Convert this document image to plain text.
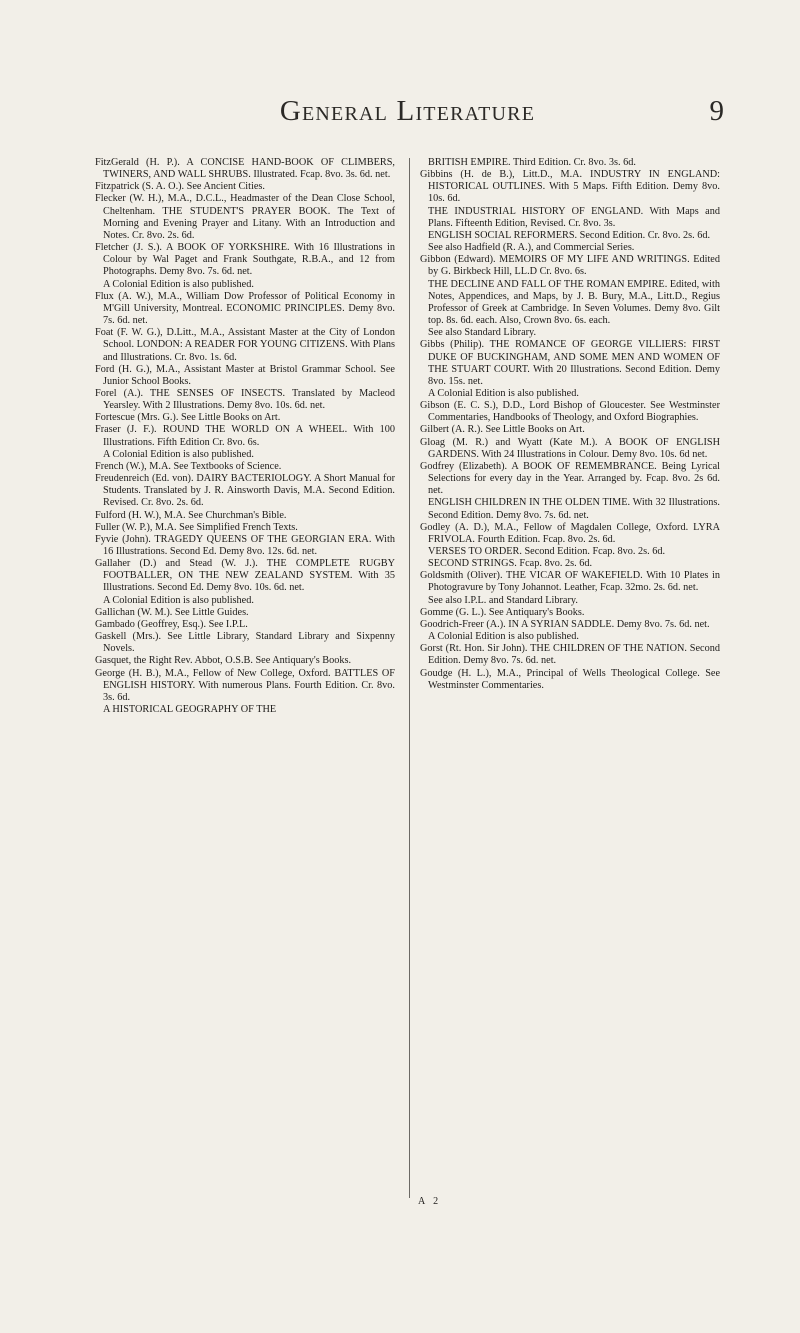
General Literature	9

FitzGerald (H. P.). A CONCISE HAND-BOOK OF CLIMBERS, TWINERS, AND WALL SHRUBS. Illustrated. Fcap. 8vo. 3s. 6d. net.

Fitzpatrick (S. A. O.). See Ancient Cities.

Flecker (W. H.), M.A., D.C.L., Headmaster of the Dean Close School, Cheltenham. THE STUDENT'S PRAYER BOOK. The Text of Morning and Evening Prayer and Litany. With an Introduction and Notes. Cr. 8vo. 2s. 6d.

Fletcher (J. S.). A BOOK OF YORKSHIRE. With 16 Illustrations in Colour by Wal Paget and Frank Southgate, R.B.A., and 12 from Photographs. Demy 8vo. 7s. 6d. net.

A Colonial Edition is also published.

Flux (A. W.), M.A., William Dow Professor of Political Economy in M'Gill University, Montreal. ECONOMIC PRINCIPLES. Demy 8vo. 7s. 6d. net.

Foat (F. W. G.), D.Litt., M.A., Assistant Master at the City of London School. LONDON: A READER FOR YOUNG CITIZENS. With Plans and Illustrations. Cr. 8vo. 1s. 6d.

Ford (H. G.), M.A., Assistant Master at Bristol Grammar School. See Junior School Books.

Forel (A.). THE SENSES OF INSECTS. Translated by Macleod Yearsley. With 2 Illustrations. Demy 8vo. 10s. 6d. net.

Fortescue (Mrs. G.). See Little Books on Art.

Fraser (J. F.). ROUND THE WORLD ON A WHEEL. With 100 Illustrations. Fifth Edition Cr. 8vo. 6s.

A Colonial Edition is also published.

French (W.), M.A. See Textbooks of Science.

Freudenreich (Ed. von). DAIRY BACTERIOLOGY. A Short Manual for Students. Translated by J. R. Ainsworth Davis, M.A. Second Edition. Revised. Cr. 8vo. 2s. 6d.

Fulford (H. W.), M.A. See Churchman's Bible.

Fuller (W. P.), M.A. See Simplified French Texts.

Fyvie (John). TRAGEDY QUEENS OF THE GEORGIAN ERA. With 16 Illustrations. Second Ed. Demy 8vo. 12s. 6d. net.

Gallaher (D.) and Stead (W. J.). THE COMPLETE RUGBY FOOTBALLER, ON THE NEW ZEALAND SYSTEM. With 35 Illustrations. Second Ed. Demy 8vo. 10s. 6d. net.

A Colonial Edition is also published.

Gallichan (W. M.). See Little Guides.

Gambado (Geoffrey, Esq.). See I.P.L.

Gaskell (Mrs.). See Little Library, Standard Library and Sixpenny Novels.

Gasquet, the Right Rev. Abbot, O.S.B. See Antiquary's Books.

George (H. B.), M.A., Fellow of New College, Oxford. BATTLES OF ENGLISH HISTORY. With numerous Plans. Fourth Edition. Cr. 8vo. 3s. 6d.

A HISTORICAL GEOGRAPHY OF THE

BRITISH EMPIRE. Third Edition. Cr. 8vo. 3s. 6d.

Gibbins (H. de B.), Litt.D., M.A. INDUSTRY IN ENGLAND: HISTORICAL OUTLINES. With 5 Maps. Fifth Edition. Demy 8vo. 10s. 6d.

THE INDUSTRIAL HISTORY OF ENGLAND. With Maps and Plans. Fifteenth Edition, Revised. Cr. 8vo. 3s.

ENGLISH SOCIAL REFORMERS. Second Edition. Cr. 8vo. 2s. 6d.

See also Hadfield (R. A.), and Commercial Series.

Gibbon (Edward). MEMOIRS OF MY LIFE AND WRITINGS. Edited by G. Birkbeck Hill, LL.D Cr. 8vo. 6s.

THE DECLINE AND FALL OF THE ROMAN EMPIRE. Edited, with Notes, Appendices, and Maps, by J. B. Bury, M.A., Litt.D., Regius Professor of Greek at Cambridge. In Seven Volumes. Demy 8vo. Gilt top. 8s. 6d. each. Also, Crown 8vo. 6s. each.

See also Standard Library.

Gibbs (Philip). THE ROMANCE OF GEORGE VILLIERS: FIRST DUKE OF BUCKINGHAM, AND SOME MEN AND WOMEN OF THE STUART COURT. With 20 Illustrations. Second Edition. Demy 8vo. 15s. net.

A Colonial Edition is also published.

Gibson (E. C. S.), D.D., Lord Bishop of Gloucester. See Westminster Commentaries, Handbooks of Theology, and Oxford Biographies.

Gilbert (A. R.). See Little Books on Art.

Gloag (M. R.) and Wyatt (Kate M.). A BOOK OF ENGLISH GARDENS. With 24 Illustrations in Colour. Demy 8vo. 10s. 6d net.

Godfrey (Elizabeth). A BOOK OF REMEMBRANCE. Being Lyrical Selections for every day in the Year. Arranged by. Fcap. 8vo. 2s 6d. net.

ENGLISH CHILDREN IN THE OLDEN TIME. With 32 Illustrations. Second Edition. Demy 8vo. 7s. 6d. net.

Godley (A. D.), M.A., Fellow of Magdalen College, Oxford. LYRA FRIVOLA. Fourth Edition. Fcap. 8vo. 2s. 6d.

VERSES TO ORDER. Second Edition. Fcap. 8vo. 2s. 6d.

SECOND STRINGS. Fcap. 8vo. 2s. 6d.

Goldsmith (Oliver). THE VICAR OF WAKEFIELD. With 10 Plates in Photogravure by Tony Johannot. Leather, Fcap. 32mo. 2s. 6d. net.

See also I.P.L. and Standard Library.

Gomme (G. L.). See Antiquary's Books.

Goodrich-Freer (A.). IN A SYRIAN SADDLE. Demy 8vo. 7s. 6d. net.

A Colonial Edition is also published.

Gorst (Rt. Hon. Sir John). THE CHILDREN OF THE NATION. Second Edition. Demy 8vo. 7s. 6d. net.

Goudge (H. L.), M.A., Principal of Wells Theological College. See Westminster Commentaries.

A 2
